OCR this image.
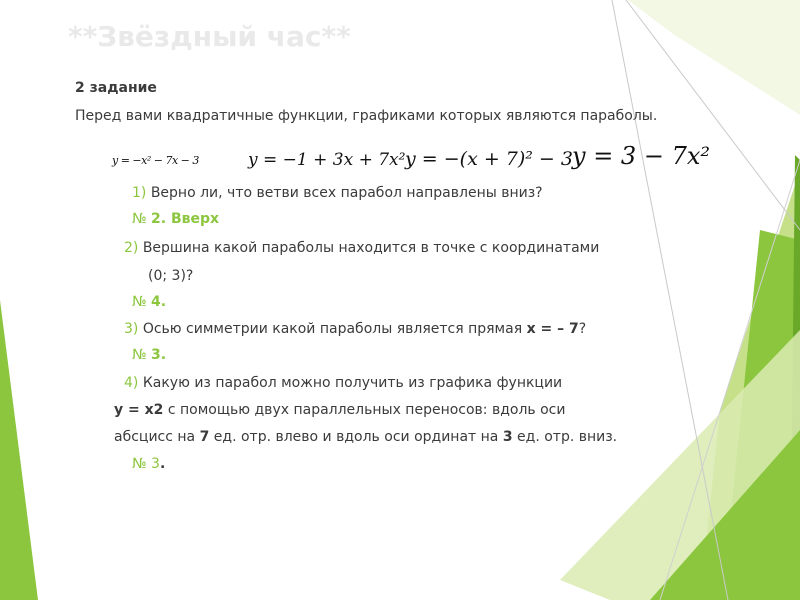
**Звёздный час**
2 задание
Перед вами квадратичные функции, графиками которых являются параболы.
y = −x² − 7x − 3	y = −1 + 3x + 7x² y = −(x + 7)² − 3 y = 3 − 7x²
1) Верно ли, что ветви всех парабол направлены вниз?
№ 2. Вверх
2) Вершина какой параболы находится в точке с координатами
(0; 3)?
№ 4.
3) Осью симметрии какой параболы является прямая x = – 7?
№ 3.
4) Какую из парабол можно получить из графика функции
y = x2 с помощью двух параллельных переносов: вдоль оси
абсцисс на 7 ед. отр. влево и вдоль оси ординат на 3 ед. отр. вниз.
№ 3.
